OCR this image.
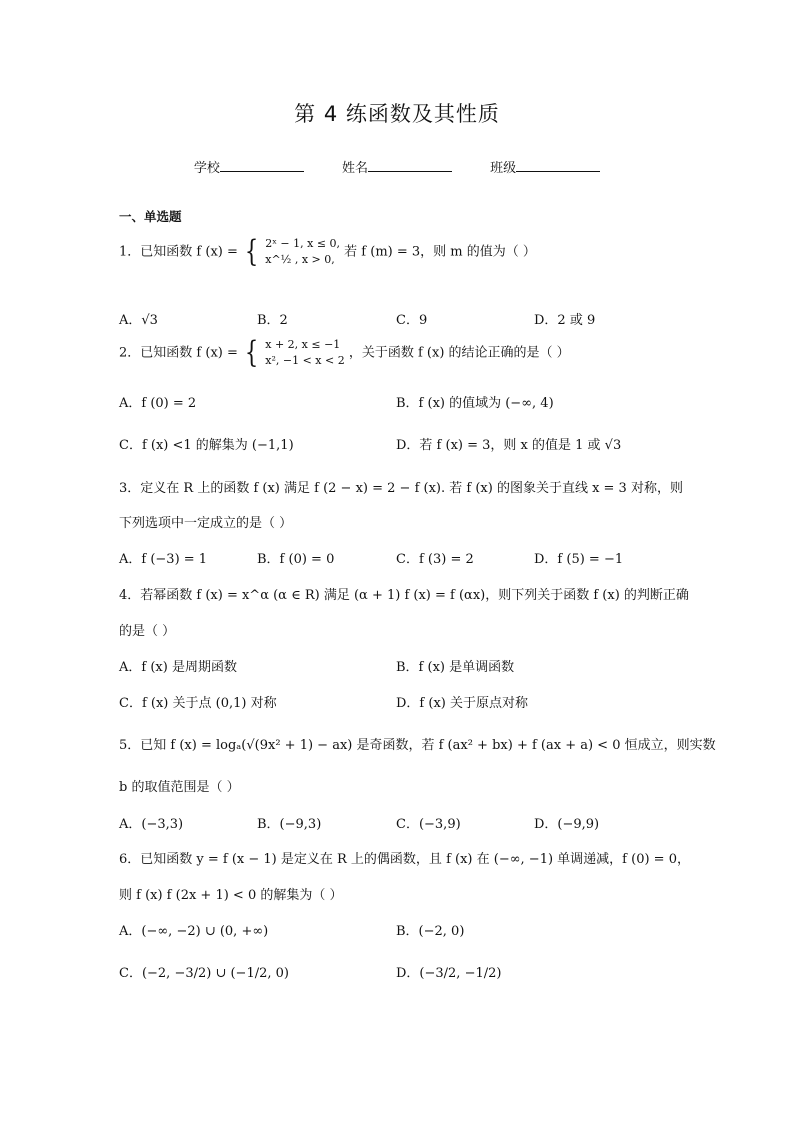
第 4 练函数及其性质
学校	姓名	班级
一、单选题
1．已知函数 f (x) = { 2ˣ − 1, x ≤ 0,
x^½ , x > 0, 若 f (m) = 3，则 m 的值为（ ）
A．√3	B．2	C．9	D．2 或 9
2．已知函数 f (x) = { x + 2, x ≤ −1
x², −1 < x < 2 ，关于函数 f (x) 的结论正确的是（ ）
A．f (0) = 2	B．f (x) 的值域为 (−∞, 4)
C．f (x) <1 的解集为 (−1,1)	D．若 f (x) = 3，则 x 的值是 1 或 √3
3．定义在 R 上的函数 f (x) 满足 f (2 − x) = 2 − f (x). 若 f (x) 的图象关于直线 x = 3 对称，则
下列选项中一定成立的是（ ）
A．f (−3) = 1	B．f (0) = 0	C．f (3) = 2	D．f (5) = −1
4．若幂函数 f (x) = x^α (α ∈ R) 满足 (α + 1) f (x) = f (αx)，则下列关于函数 f (x) 的判断正确
的是（ ）
A．f (x) 是周期函数	B．f (x) 是单调函数
C．f (x) 关于点 (0,1) 对称	D．f (x) 关于原点对称
5．已知 f (x) = logₐ(√(9x² + 1) − ax) 是奇函数，若 f (ax² + bx) + f (ax + a) < 0 恒成立，则实数
b 的取值范围是（ ）
A．(−3,3)	B．(−9,3)	C．(−3,9)	D．(−9,9)
6．已知函数 y = f (x − 1) 是定义在 R 上的偶函数，且 f (x) 在 (−∞, −1) 单调递减，f (0) = 0，
则 f (x) f (2x + 1) < 0 的解集为（ ）
A．(−∞, −2) ∪ (0, +∞)	B．(−2, 0)
C．(−2, −3/2) ∪ (−1/2, 0)	D．(−3/2, −1/2)
